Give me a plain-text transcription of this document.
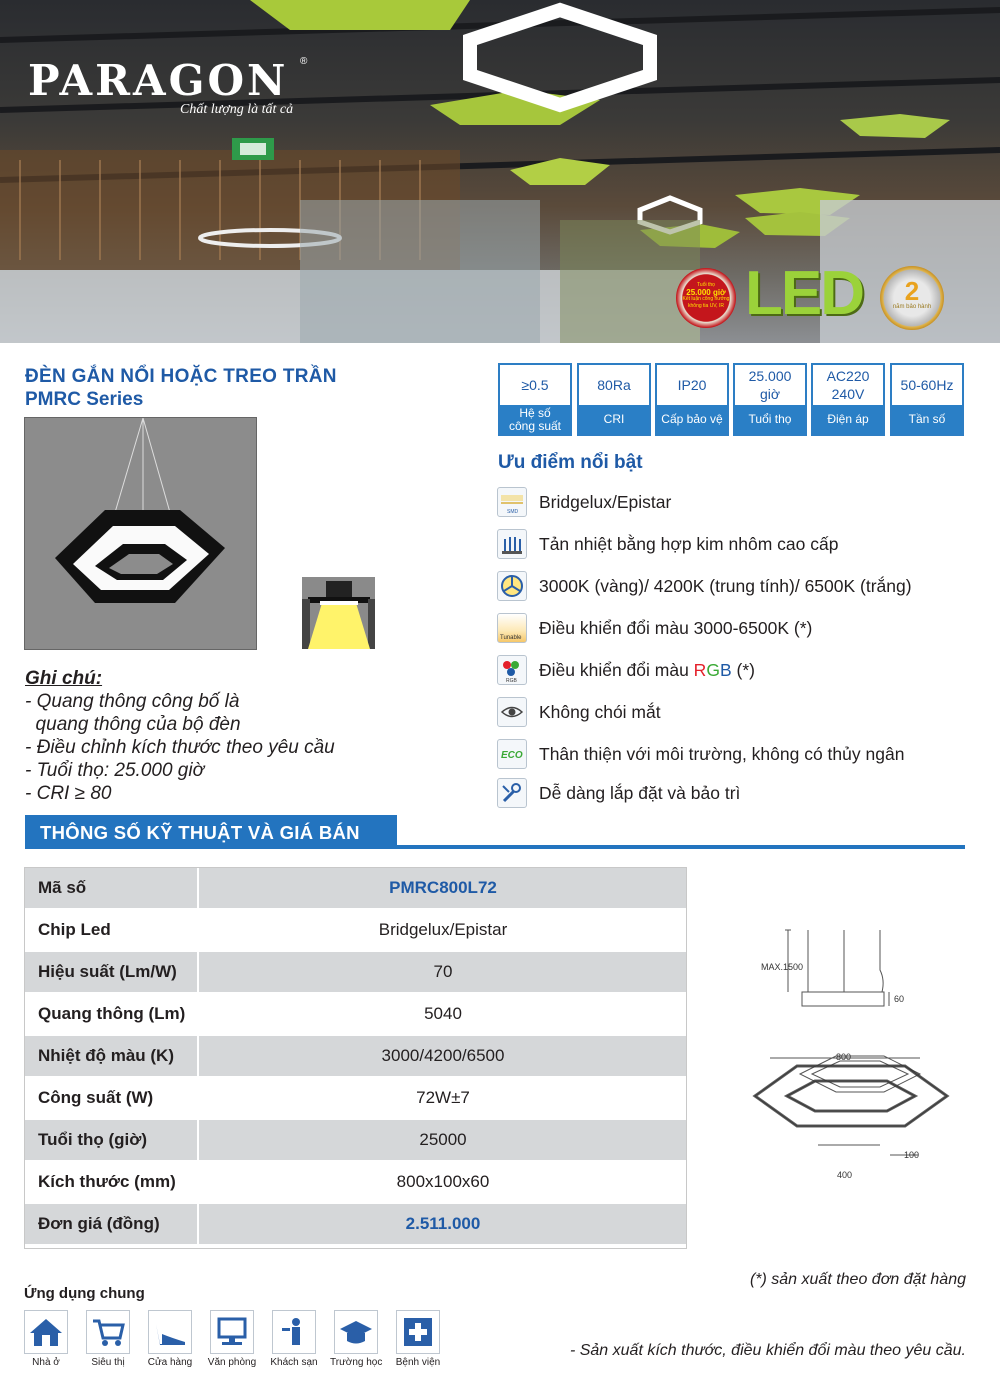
PARAGON ®
Chất lượng là tất cả
Tuổi thọ
25.000 giờ
Kết luận công hưởng
không tia UV, IR LED	2
năm bảo hành
ĐÈN GẮN NỔI HOẶC TREO TRẦN
PMRC Series
≥0.5
Hệ số công suất
80Ra
CRI
IP20
Cấp bảo vệ
25.000 giờ
Tuổi thọ
AC220 240V
Điện áp
50-60Hz
Tần số
Ưu điểm nổi bật
SMD
Bridgelux/Epistar
Tản nhiệt bằng hợp kim nhôm cao cấp
3000K (vàng)/ 4200K (trung tính)/ 6500K (trắng)
Tunable
Điều khiển đổi màu 3000-6500K (*)
RGB
Điều khiển đổi màu RGB (*)
Không chói mắt
ECO Thân thiện với môi trường, không có thủy ngân
Dễ dàng lắp đặt và bảo trì
Ghi chú:
- Quang thông công bố là
quang thông của bộ đèn
- Điều chỉnh kích thước theo yêu cầu
- Tuổi thọ: 25.000 giờ
- CRI ≥ 80
THÔNG SỐ KỸ THUẬT VÀ GIÁ BÁN
Mã số	PMRC800L72
Chip Led	Bridgelux/Epistar
Hiệu suất (Lm/W)	70
Quang thông (Lm)	5040
Nhiệt độ màu (K)	3000/4200/6500
Công suất (W)	72W±7
Tuổi thọ (giờ)	25000
Kích thước (mm)	800x100x60
Đơn giá (đồng)	2.511.000
MAX.1500
60
800
400
100
(*) sản xuất theo đơn đặt hàng
- Sản xuất kích thước, điều khiển đổi màu theo yêu cầu.
Ứng dụng chung
Nhà ở	Siêu thị	Cửa hàng	Văn phòng Khách sạn Trường học	Bệnh viện
